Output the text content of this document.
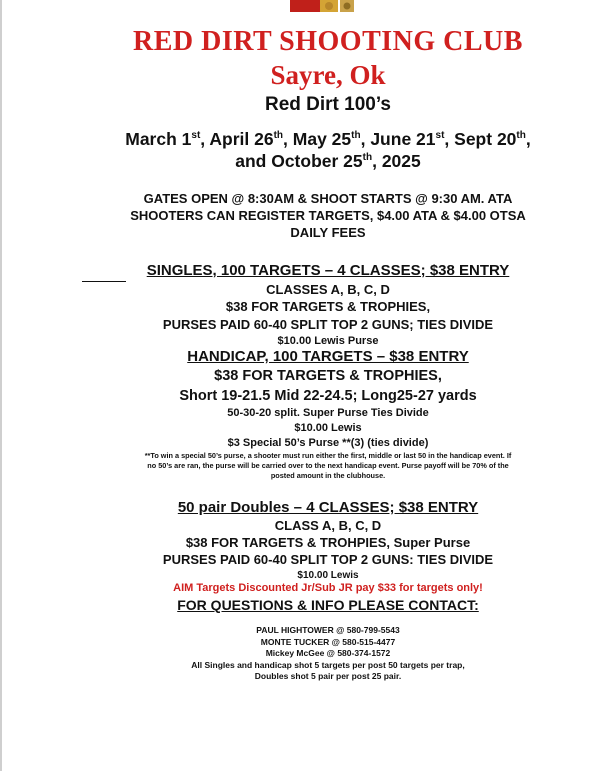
RED DIRT SHOOTING CLUB
Sayre, Ok
Red Dirt 100’s
March 1st, April 26th, May 25th, June 21st, Sept 20th,
and October 25th, 2025
GATES OPEN @ 8:30AM & SHOOT STARTS @ 9:30 AM. ATA
SHOOTERS CAN REGISTER TARGETS, $4.00 ATA & $4.00 OTSA
DAILY FEES
SINGLES, 100 TARGETS – 4 CLASSES; $38 ENTRY
CLASSES A, B, C, D
$38 FOR TARGETS & TROPHIES,
PURSES PAID 60-40 SPLIT TOP 2 GUNS; TIES DIVIDE
$10.00 Lewis Purse
HANDICAP, 100 TARGETS – $38 ENTRY
$38 FOR TARGETS & TROPHIES,
Short 19-21.5 Mid 22-24.5; Long25-27 yards
50-30-20 split. Super Purse Ties Divide
$10.00 Lewis
$3 Special 50’s Purse **(3) (ties divide)
**To win a special 50’s purse, a shooter must run either the first, middle or last 50 in the handicap event. If
no 50’s are ran, the purse will be carried over to the next handicap event. Purse payoff will be 70% of the
posted amount in the clubhouse.
50 pair Doubles – 4 CLASSES; $38 ENTRY
CLASS A, B, C, D
$38 FOR TARGETS & TROHPIES, Super Purse
PURSES PAID 60-40 SPLIT TOP 2 GUNS: TIES DIVIDE
$10.00 Lewis
AIM Targets Discounted Jr/Sub JR pay $33 for targets only!
FOR QUESTIONS & INFO PLEASE CONTACT:
PAUL HIGHTOWER @ 580-799-5543
MONTE TUCKER @ 580-515-4477
Mickey McGee @ 580-374-1572
All Singles and handicap shot 5 targets per post 50 targets per trap,
Doubles shot 5 pair per post 25 pair.
